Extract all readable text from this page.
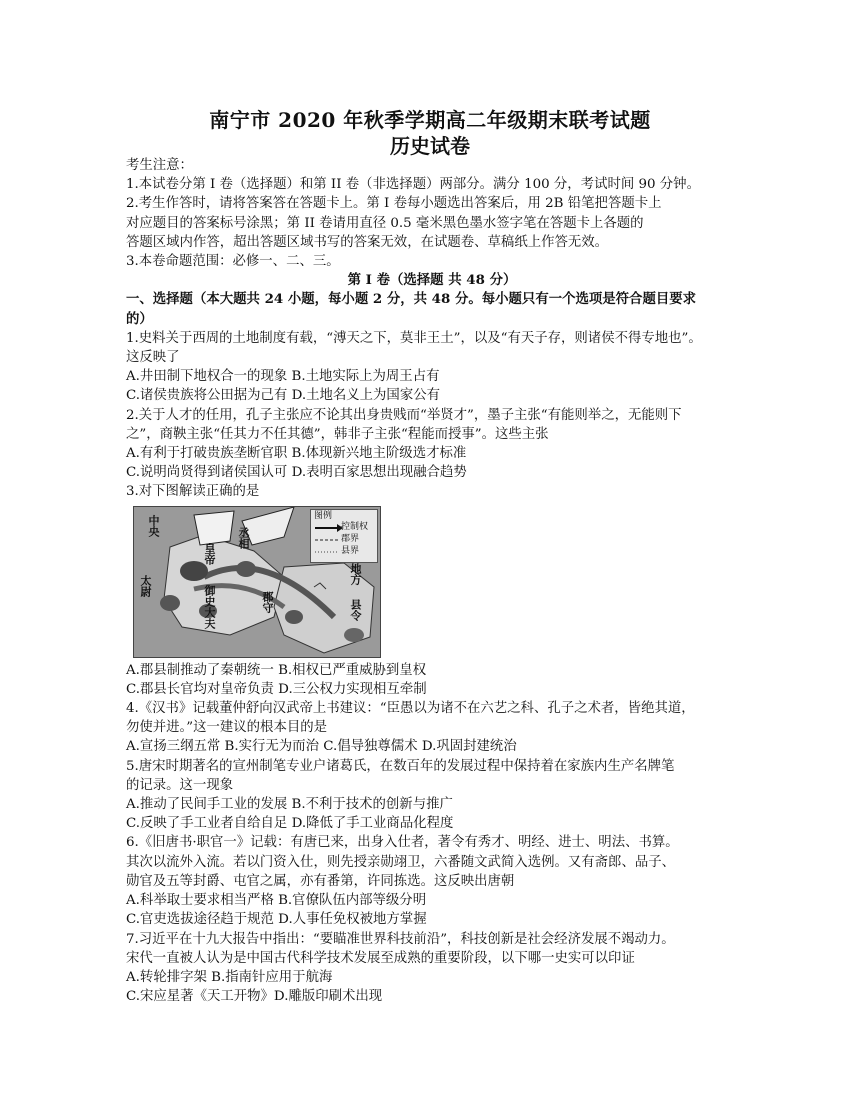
南宁市 2020 年秋季学期高二年级期末联考试题
历史试卷

考生注意：

1.本试卷分第 I 卷（选择题）和第 II 卷（非选择题）两部分。满分 100 分，考试时间 90 分钟。

2.考生作答时，请将答案答在答题卡上。第 I 卷每小题选出答案后，用 2B 铅笔把答题卡上

对应题目的答案标号涂黑；第 II 卷请用直径 0.5 毫米黑色墨水签字笔在答题卡上各题的

答题区域内作答，超出答题区域书写的答案无效，在试题卷、草稿纸上作答无效。

3.本卷命题范围：必修一、二、三。

第 I 卷（选择题 共 48 分）

一、选择题（本大题共 24 小题，每小题 2 分，共 48 分。每小题只有一个选项是符合题目要求

的）

1.史料关于西周的土地制度有载，“溥天之下，莫非王土”，以及“有天子存，则诸侯不得专地也”。

这反映了

A.井田制下地权合一的现象 B.土地实际上为周王占有

C.诸侯贵族将公田据为己有 D.土地名义上为国家公有

2.关于人才的任用，孔子主张应不论其出身贵贱而“举贤才”，墨子主张“有能则举之，无能则下

之”，商鞅主张“任其力不任其德”，韩非子主张“程能而授事”。这些主张

A.有利于打破贵族垄断官职 B.体现新兴地主阶级选才标准

C.说明尚贤得到诸侯国认可 D.表明百家思想出现融合趋势

3.对下图解读正确的是

中央
皇帝
丞相
太尉	御史大夫	郡守
地方
县令
图例
控制权
郡界
县界

A.郡县制推动了秦朝统一 B.相权已严重威胁到皇权

C.郡县长官均对皇帝负责 D.三公权力实现相互牵制

4.《汉书》记载董仲舒向汉武帝上书建议：“臣愚以为诸不在六艺之科、孔子之术者，皆绝其道，

勿使并进。”这一建议的根本目的是

A.宣扬三纲五常 B.实行无为而治 C.倡导独尊儒术 D.巩固封建统治

5.唐宋时期著名的宣州制笔专业户诸葛氏，在数百年的发展过程中保持着在家族内生产名牌笔

的记录。这一现象

A.推动了民间手工业的发展 B.不利于技术的创新与推广

C.反映了手工业者自给自足 D.降低了手工业商品化程度

6.《旧唐书·职官一》记载：有唐已来，出身入仕者，著令有秀才、明经、进士、明法、书算。

其次以流外入流。若以门资入仕，则先授亲勋翊卫，六番随文武简入选例。又有斋郎、品子、

勋官及五等封爵、屯官之属，亦有番第，许同拣选。这反映出唐朝

A.科举取士要求相当严格 B.官僚队伍内部等级分明

C.官吏选拔途径趋于规范 D.人事任免权被地方掌握

7.习近平在十九大报告中指出：“要瞄准世界科技前沿”，科技创新是社会经济发展不竭动力。

宋代一直被人认为是中国古代科学技术发展至成熟的重要阶段，以下哪一史实可以印证

A.转轮排字架 B.指南针应用于航海

C.宋应星著《天工开物》D.雕版印刷术出现
